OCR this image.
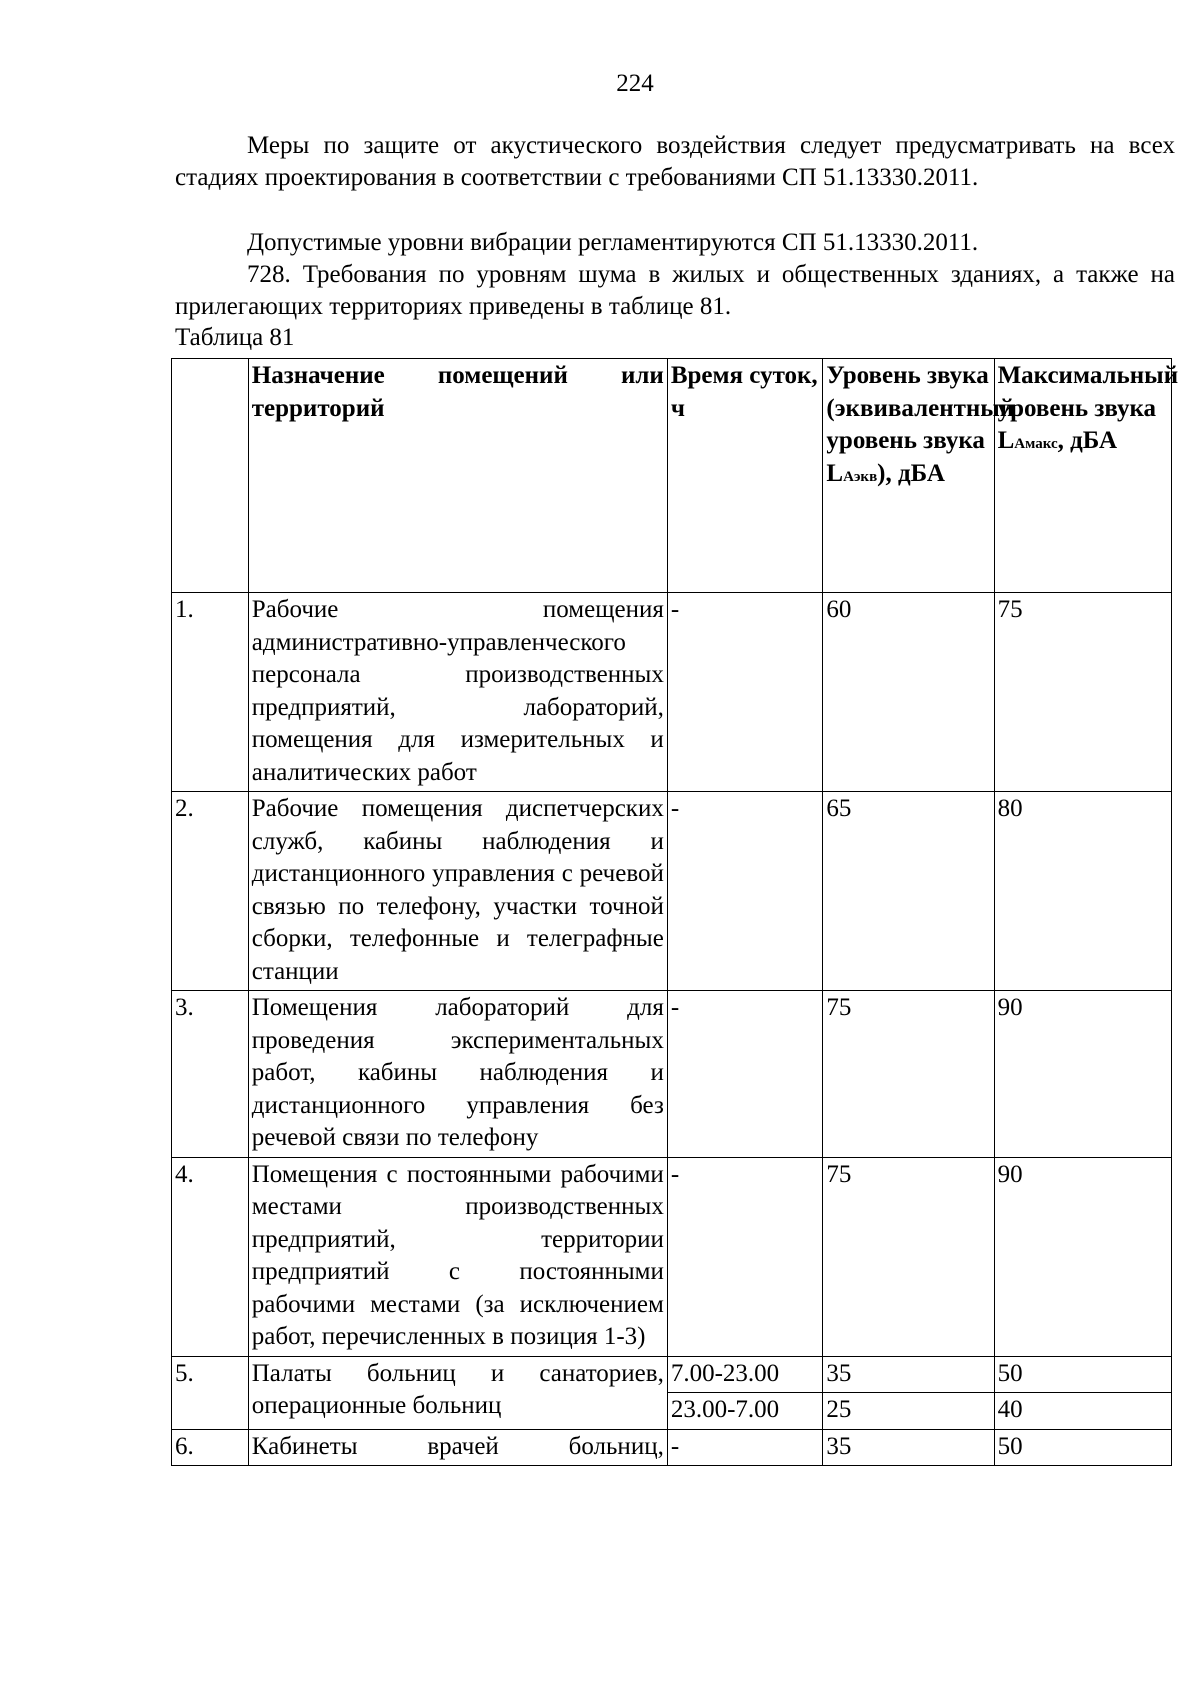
224
Меры по защите от акустического воздействия следует предусматривать на всех стадиях проектирования в соответствии с требованиями СП 51.13330.2011.
Допустимые уровни вибрации регламентируются СП 51.13330.2011.
728. Требования по уровням шума в жилых и общественных зданиях, а также на прилегающих территориях приведены в таблице 81.
Таблица 81
	Назначение помещений или территорий	Время суток, ч	Уровень звука (эквивалентный уровень звука LАэкв), дБА	Максимальный уровень звука LАмакс, дБА
1.	Рабочие помещения административно-управленческого персонала производственных предприятий, лабораторий, помещения для измерительных и аналитических работ	-	60	75
2.	Рабочие помещения диспетчерских служб, кабины наблюдения и дистанционного управления с речевой связью по телефону, участки точной сборки, телефонные и телеграфные станции	-	65	80
3.	Помещения лабораторий для проведения экспериментальных работ, кабины наблюдения и дистанционного управления без речевой связи по телефону	-	75	90
4.	Помещения с постоянными рабочими местами производственных предприятий, территории предприятий с постоянными рабочими местами (за исключением работ, перечисленных в позиция 1-3)	-	75	90
5.	Палаты больниц и санаториев, операционные больниц	7.00-23.00	35	50
		23.00-7.00	25	40
6.	Кабинеты врачей больниц,	-	35	50
